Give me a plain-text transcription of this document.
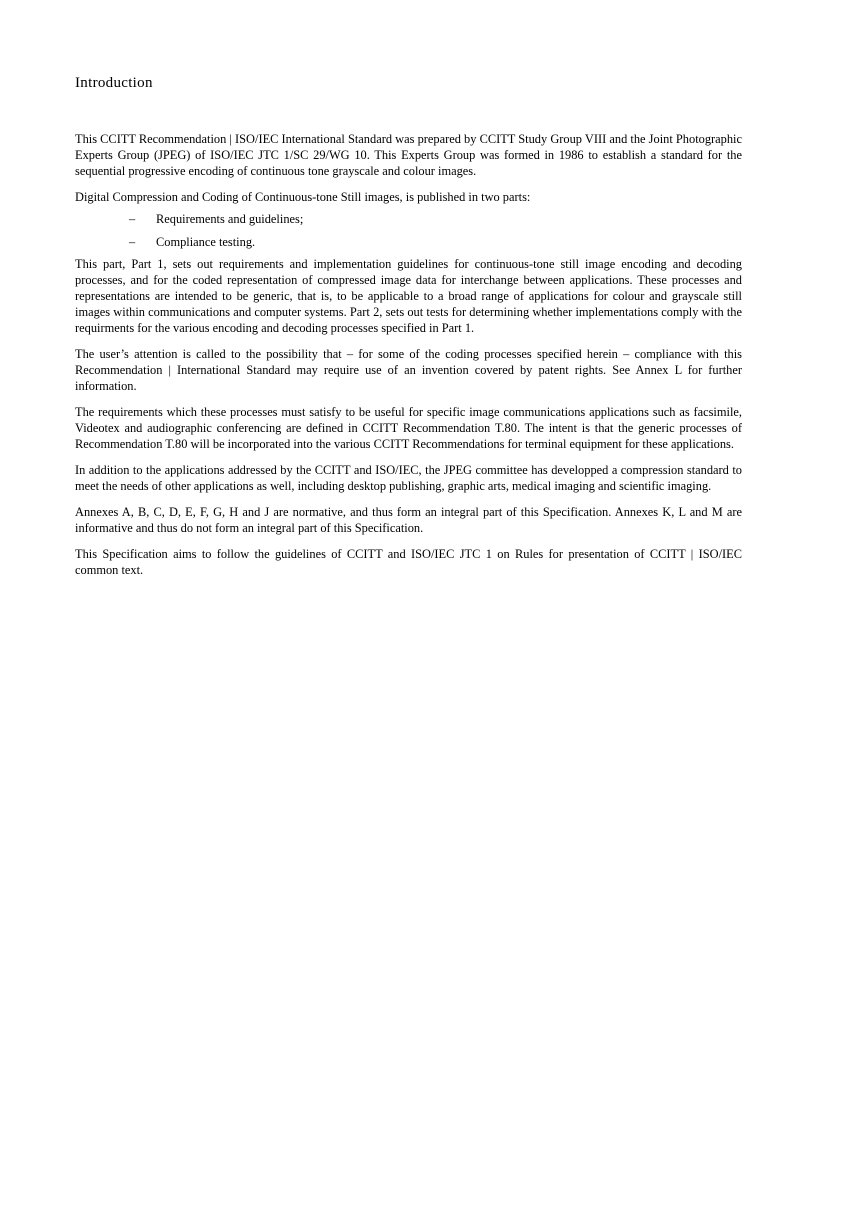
Introduction

This CCITT Recommendation | ISO/IEC International Standard was prepared by CCITT Study Group VIII and the Joint Photographic Experts Group (JPEG) of ISO/IEC JTC 1/SC 29/WG 10. This Experts Group was formed in 1986 to establish a standard for the sequential progressive encoding of continuous tone grayscale and colour images.

Digital Compression and Coding of Continuous-tone Still images, is published in two parts:

– Requirements and guidelines;
– Compliance testing.

This part, Part 1, sets out requirements and implementation guidelines for continuous-tone still image encoding and decoding processes, and for the coded representation of compressed image data for interchange between applications. These processes and representations are intended to be generic, that is, to be applicable to a broad range of applications for colour and grayscale still images within communications and computer systems. Part 2, sets out tests for determining whether implementations comply with the requirments for the various encoding and decoding processes specified in Part 1.

The user’s attention is called to the possibility that – for some of the coding processes specified herein – compliance with this Recommendation | International Standard may require use of an invention covered by patent rights. See Annex L for further information.

The requirements which these processes must satisfy to be useful for specific image communications applications such as facsimile, Videotex and audiographic conferencing are defined in CCITT Recommendation T.80. The intent is that the generic processes of Recommendation T.80 will be incorporated into the various CCITT Recommendations for terminal equipment for these applications.

In addition to the applications addressed by the CCITT and ISO/IEC, the JPEG committee has developped a compression standard to meet the needs of other applications as well, including desktop publishing, graphic arts, medical imaging and scientific imaging.

Annexes A, B, C, D, E, F, G, H and J are normative, and thus form an integral part of this Specification. Annexes K, L and M are informative and thus do not form an integral part of this Specification.

This Specification aims to follow the guidelines of CCITT and ISO/IEC JTC 1 on Rules for presentation of CCITT | ISO/IEC common text.
